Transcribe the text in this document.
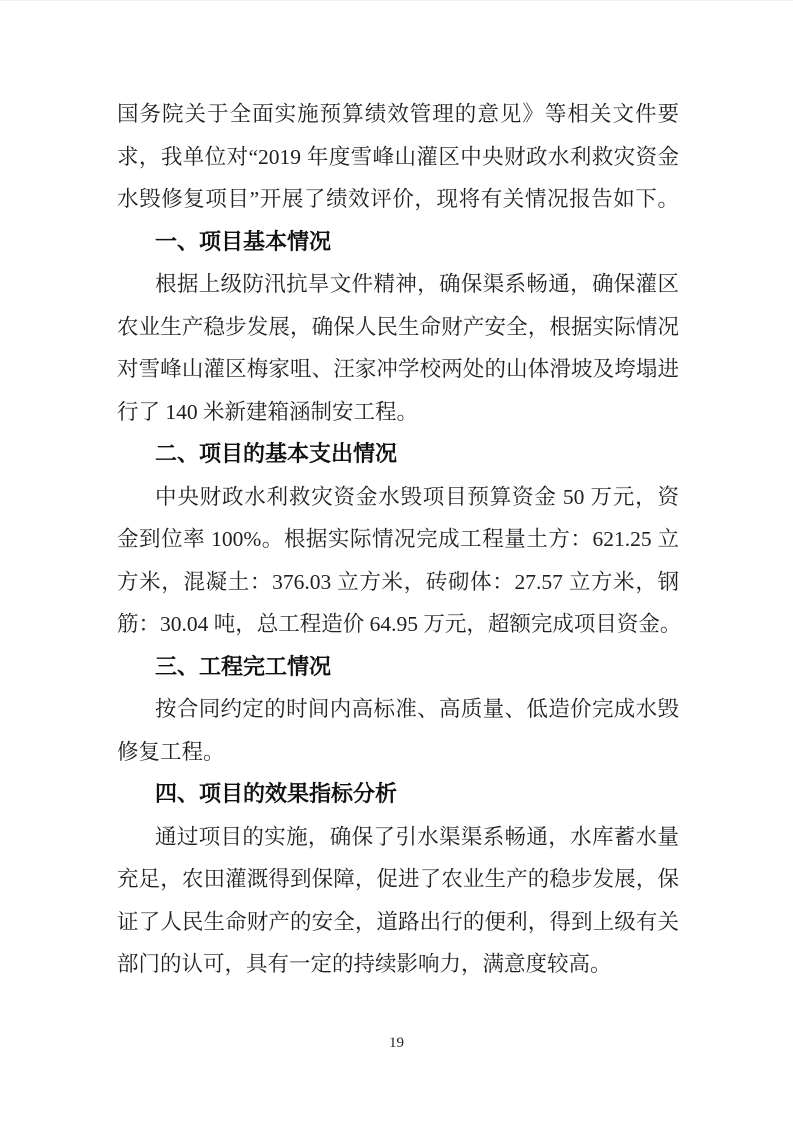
国务院关于全面实施预算绩效管理的意见》等相关文件要
求，我单位对“2019 年度雪峰山灌区中央财政水利救灾资金
水毁修复项目”开展了绩效评价，现将有关情况报告如下。
一、项目基本情况
根据上级防汛抗旱文件精神，确保渠系畅通，确保灌区
农业生产稳步发展，确保人民生命财产安全，根据实际情况
对雪峰山灌区梅家咀、汪家冲学校两处的山体滑坡及垮塌进
行了 140 米新建箱涵制安工程。
二、项目的基本支出情况
中央财政水利救灾资金水毁项目预算资金 50 万元，资
金到位率 100%。根据实际情况完成工程量土方：621.25 立
方米，混凝土：376.03 立方米，砖砌体：27.57 立方米，钢
筋：30.04 吨，总工程造价 64.95 万元，超额完成项目资金。
三、工程完工情况
按合同约定的时间内高标准、高质量、低造价完成水毁
修复工程。
四、项目的效果指标分析
通过项目的实施，确保了引水渠渠系畅通，水库蓄水量
充足，农田灌溉得到保障，促进了农业生产的稳步发展，保
证了人民生命财产的安全，道路出行的便利，得到上级有关
部门的认可，具有一定的持续影响力，满意度较高。
19
